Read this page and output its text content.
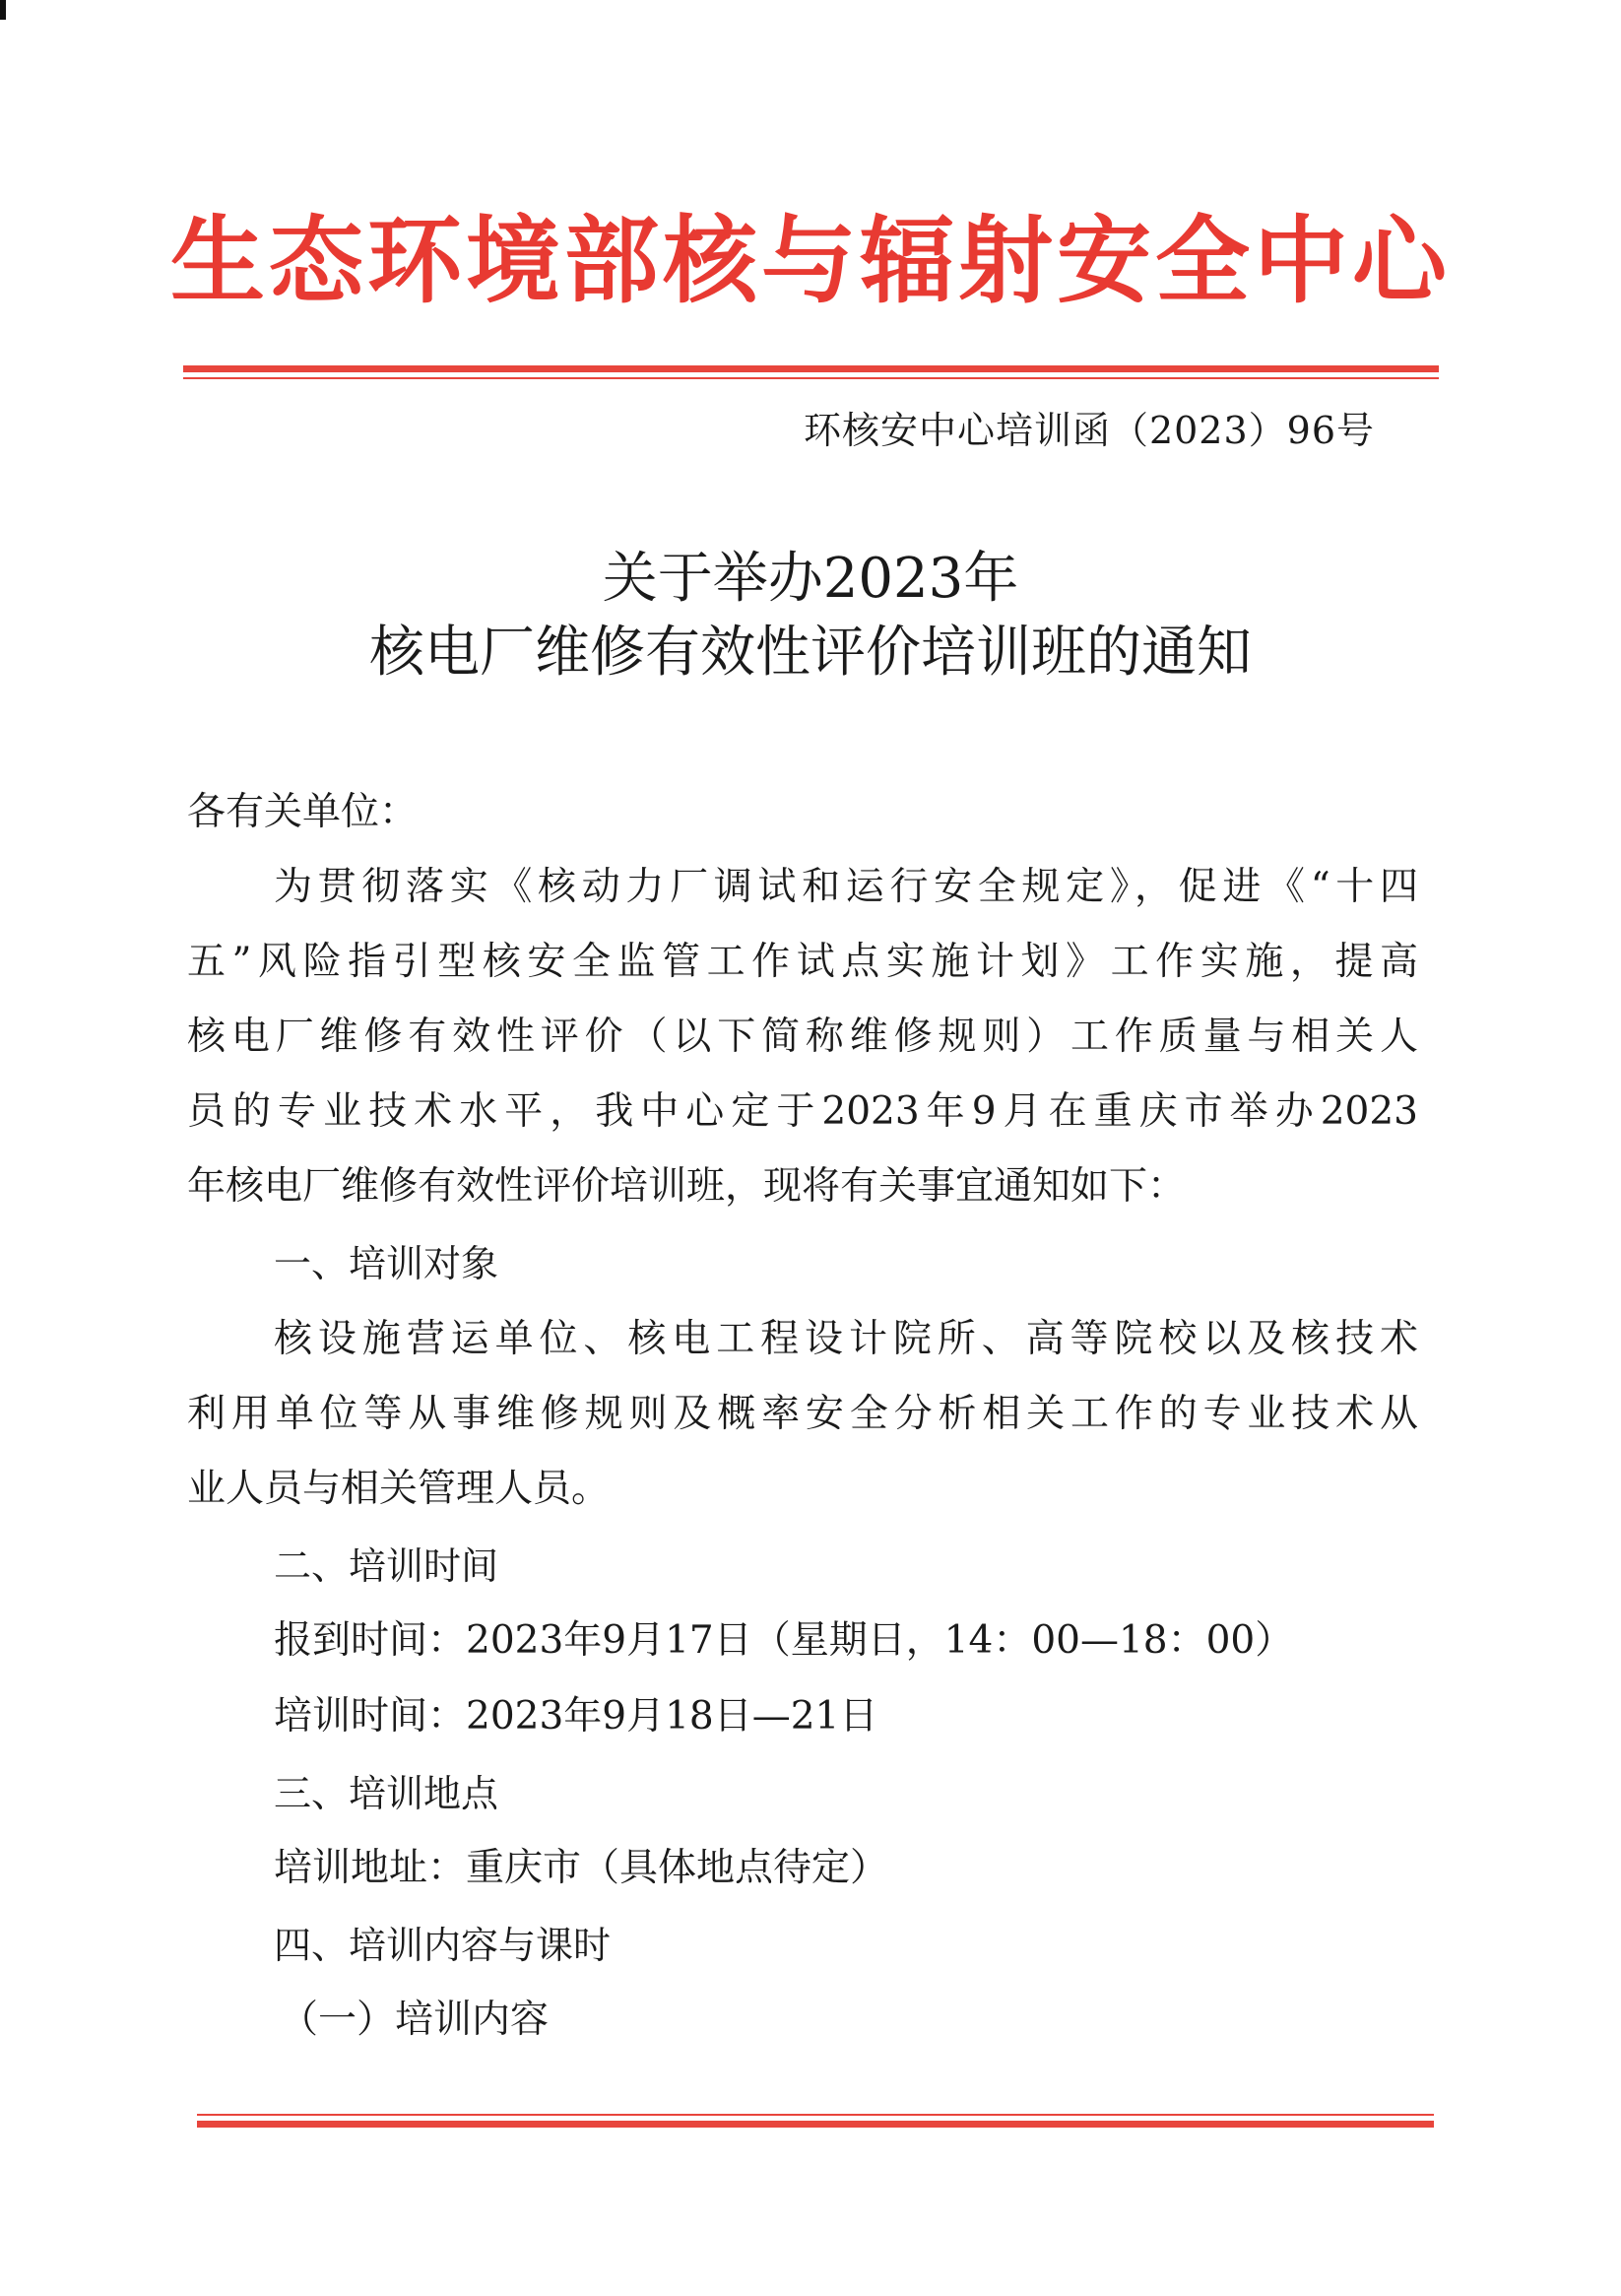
生态环境部核与辐射安全中心
环核安中心培训函（2023）96号
关于举办2023年
核电厂维修有效性评价培训班的通知
各有关单位：
为贯彻落实《核动力厂调试和运行安全规定》，促进《“十四
五”风险指引型核安全监管工作试点实施计划》工作实施，提高
核电厂维修有效性评价（以下简称维修规则）工作质量与相关人
员的专业技术水平，我中心定于2023年9月在重庆市举办2023
年核电厂维修有效性评价培训班，现将有关事宜通知如下：
一、培训对象
核设施营运单位、核电工程设计院所、高等院校以及核技术
利用单位等从事维修规则及概率安全分析相关工作的专业技术从
业人员与相关管理人员。
二、培训时间
报到时间：2023年9月17日（星期日，14：00—18：00）
培训时间：2023年9月18日—21日
三、培训地点
培训地址：重庆市（具体地点待定）
四、培训内容与课时
（一）培训内容
